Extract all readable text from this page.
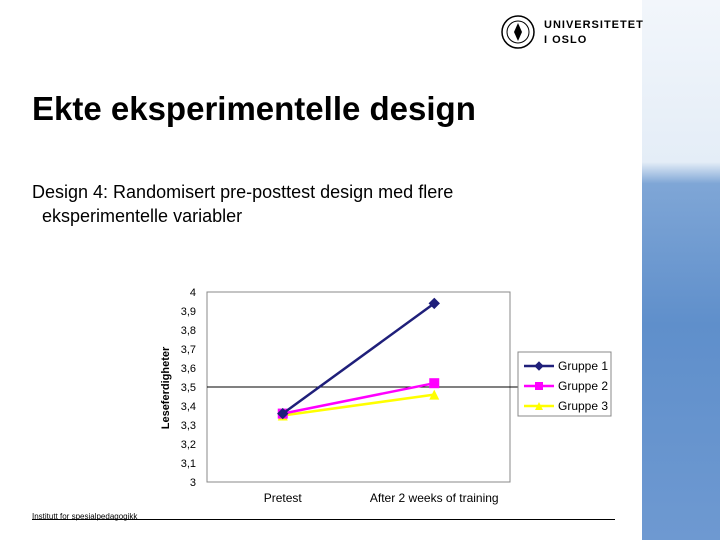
UNIVERSITETET
I OSLO
Ekte eksperimentelle design
Design 4: Randomisert pre-posttest design med flere
eksperimentelle variabler
3
3,1
3,2
3,3
3,4
3,5
3,6
3,7
3,8
3,9
4
Pretest	After 2 weeks of training
Leseferdigheter	Gruppe 1
Gruppe 2
Gruppe 3
Institutt for spesialpedagogikk
